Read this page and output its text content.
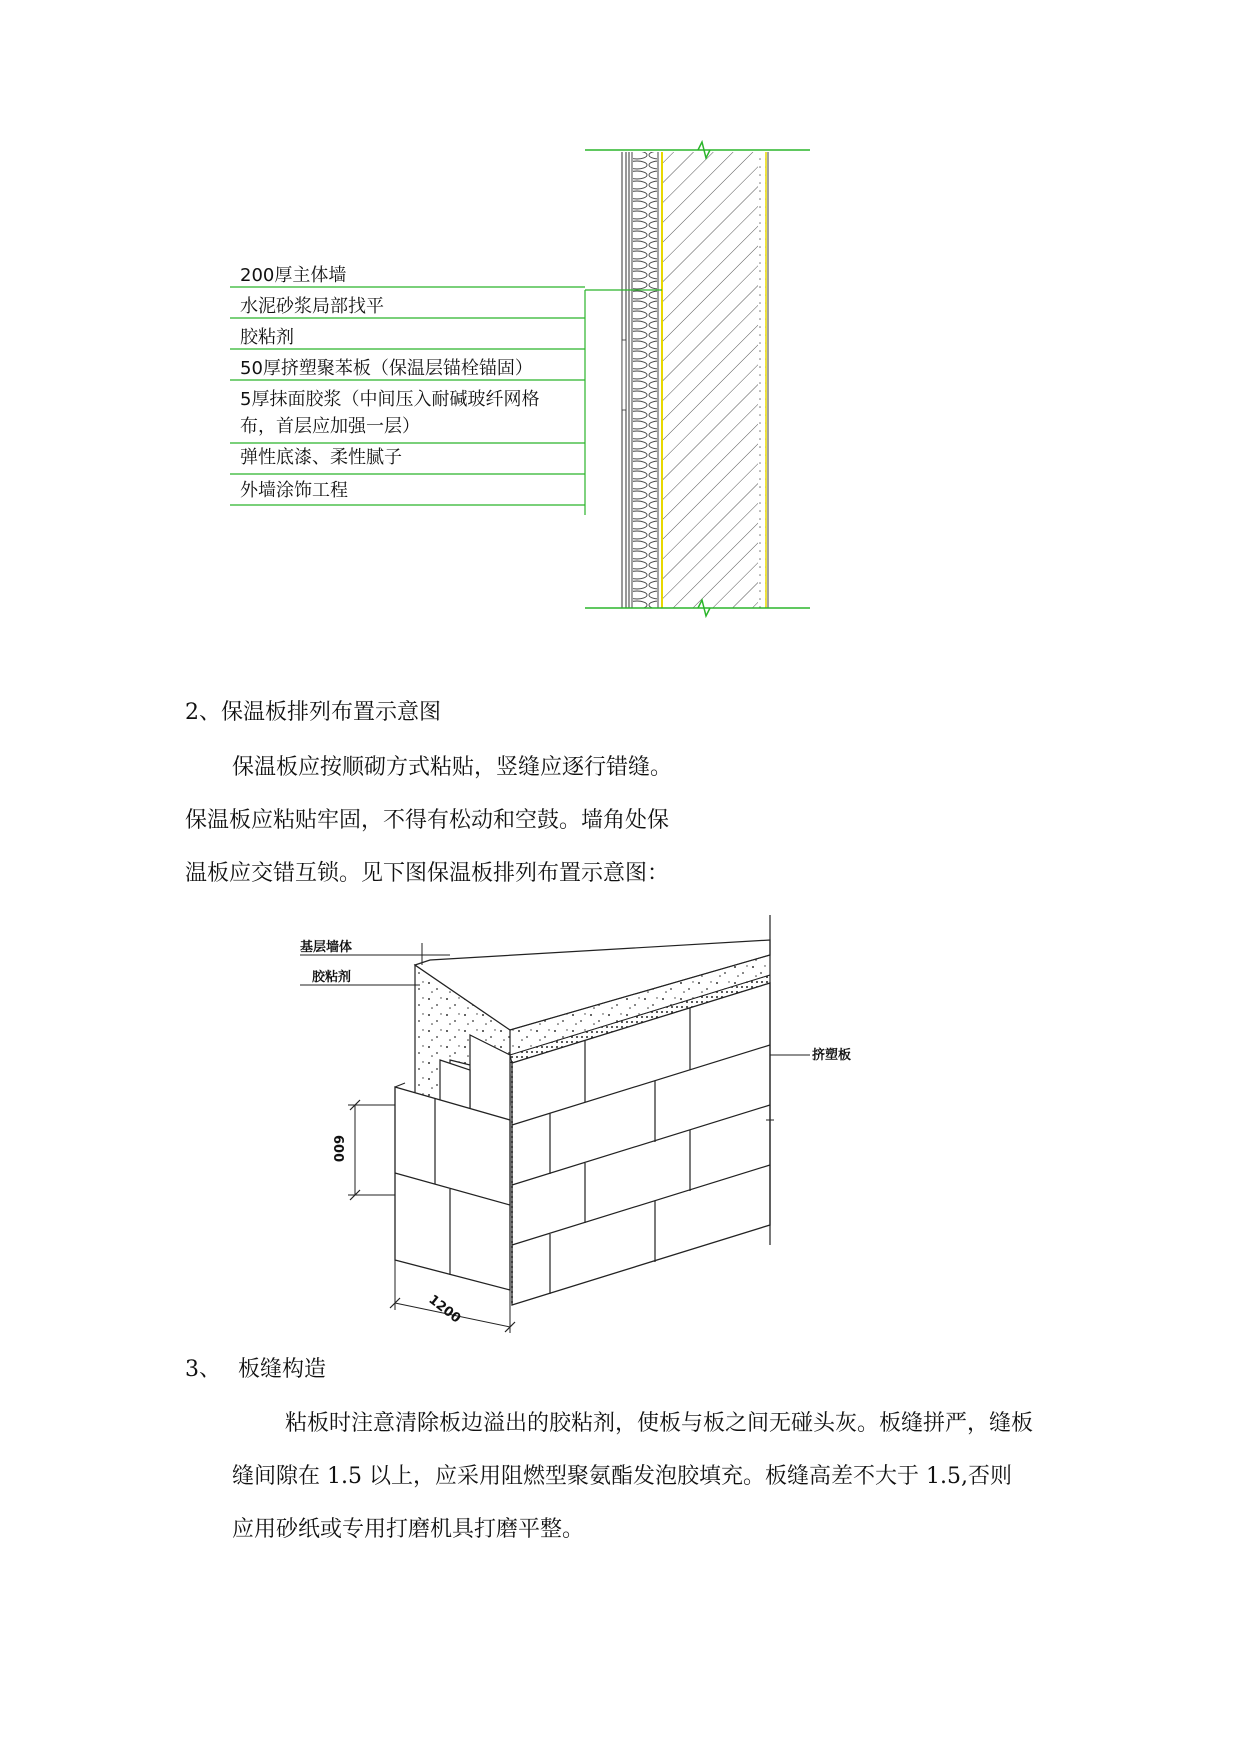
200厚主体墙
水泥砂浆局部找平
胶粘剂
50厚挤塑聚苯板（保温层锚栓锚固）
5厚抹面胶浆（中间压入耐碱玻纤网格
布，首层应加强一层）
弹性底漆、柔性腻子
外墙涂饰工程
2、保温板排列布置示意图
保温板应按顺砌方式粘贴，竖缝应逐行错缝。
保温板应粘贴牢固，不得有松动和空鼓。墙角处保
温板应交错互锁。见下图保温板排列布置示意图：
基层墙体
胶粘剂
挤塑板
600
1200
3、 板缝构造
粘板时注意清除板边溢出的胶粘剂，使板与板之间无碰头灰。板缝拼严，缝板
缝间隙在 1.5 以上，应采用阻燃型聚氨酯发泡胶填充。板缝高差不大于 1.5,否则
应用砂纸或专用打磨机具打磨平整。
